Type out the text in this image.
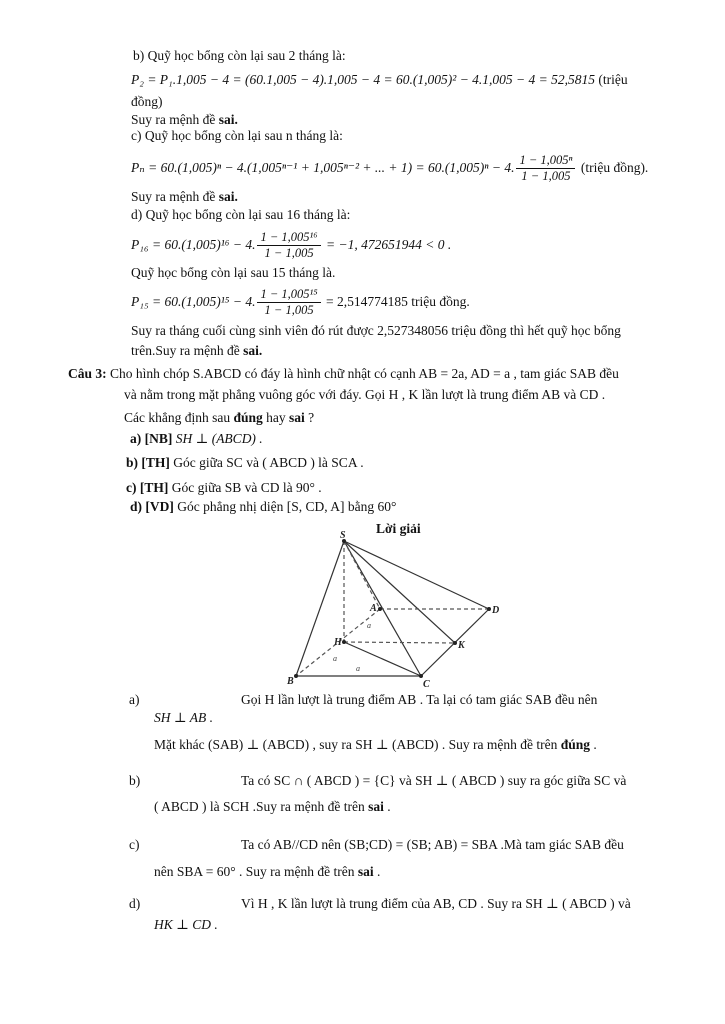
b) Quỹ học bổng còn lại sau 2 tháng là:
P₂ = P₁.1,005 − 4 = (60.1,005 − 4).1,005 − 4 = 60.(1,005)² − 4.1,005 − 4 = 52,5815 (triệu
đồng)
Suy ra mệnh đề sai.
c) Quỹ học bổng còn lại sau n tháng là:
Pₙ = 60.(1,005)ⁿ − 4.(1,005ⁿ⁻¹ + 1,005ⁿ⁻² + ... + 1) = 60.(1,005)ⁿ − 4. $\frac{\text{1 − 1,005ⁿ}}{1 - 1,005}$ (triệu đồng).
Suy ra mệnh đề sai.
d) Quỹ học bổng còn lại sau 16 tháng là:
P₁₆ = 60.(1,005)¹⁶ − 4. $\frac{\text{1 − 1,005¹⁶}}{1 - 1,005} = -1$, 472651944 < 0 .
Quỹ học bổng còn lại sau 15 tháng là.
P₁₅ = 60.(1,005)¹⁵ − 4. $\frac{\text{1 − 1,005¹⁵}}{1 - 1,005} = 2,514774185$ triệu đồng.
Suy ra tháng cuối cùng sinh viên đó rút được 2,527348056 triệu đồng thì hết quỹ học bổng
trên.Suy ra mệnh đề sai.
Câu 3: Cho hình chóp S.ABCD có đáy là hình chữ nhật có cạnh AB = 2a, AD = a , tam giác SAB đều
và nằm trong mặt phẳng vuông góc với đáy. Gọi H , K lần lượt là trung điểm AB và CD .
Các khẳng định sau đúng hay sai ?
a) [NB] SH ⊥ (ABCD) .
b) [TH] Góc giữa SC và ( ABCD ) là SCA .
c) [TH] Góc giữa SB và CD là 90° .
d) [VD] Góc phẳng nhị diện [S, CD, A] bằng 60°
Lời giải
S
A
B	C
D
H	K
a
a
a
a)	Gọi H lần lượt là trung điểm AB . Ta lại có tam giác SAB đều nên
SH ⊥ AB .
Mặt khác (SAB) ⊥ (ABCD) , suy ra SH ⊥ (ABCD) . Suy ra mệnh đề trên đúng .
b)	Ta có SC ∩ ( ABCD ) = {C} và SH ⊥ ( ABCD ) suy ra góc giữa SC và
( ABCD ) là SCH .Suy ra mệnh đề trên sai .
c)	Ta có AB//CD nên (SB;CD) = (SB; AB) = SBA .Mà tam giác SAB đều
nên SBA = 60° . Suy ra mệnh đề trên sai .
d)	Vì H , K lần lượt là trung điểm của AB, CD . Suy ra SH ⊥ ( ABCD ) và
HK ⊥ CD .
